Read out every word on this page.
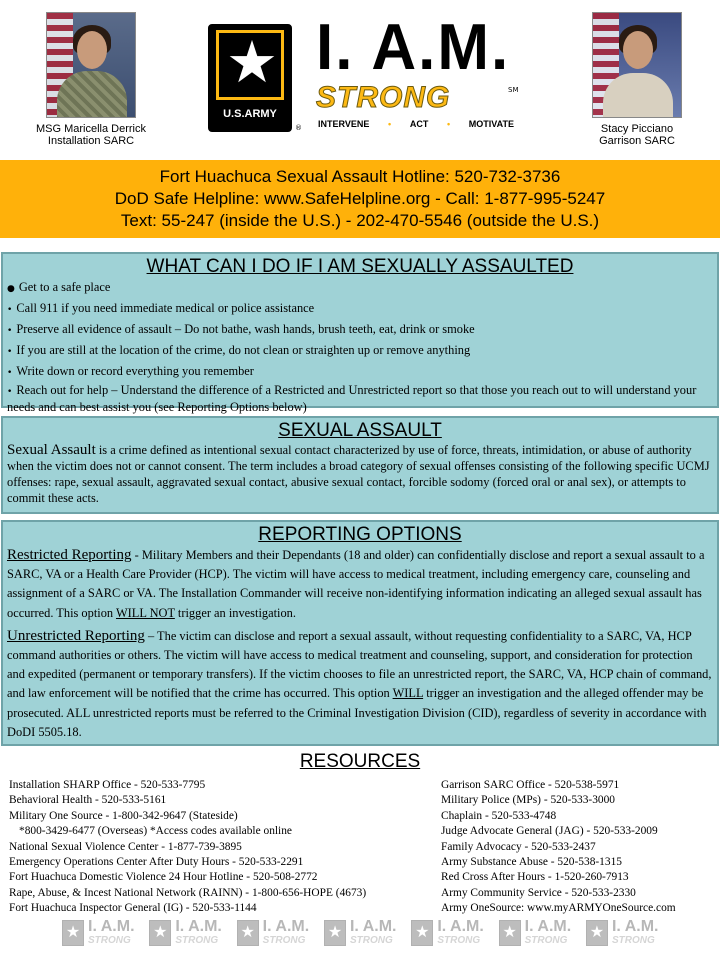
MSG Maricella Derrick
Installation SARC
★
U.S.ARMY
®
I. A.M.
STRONG	SM
INTERVENE • ACT • MOTIVATE	Stacy Picciano
Garrison SARC
Fort Huachuca Sexual Assault Hotline: 520-732-3736
DoD Safe Helpline: www.SafeHelpline.org - Call: 1-877-995-5247
Text: 55-247 (inside the U.S.) - 202-470-5546 (outside the U.S.)
WHAT CAN I DO IF I AM SEXUALLY ASSAULTED
● Get to a safe place
• Call 911 if you need immediate medical or police assistance
• Preserve all evidence of assault – Do not bathe, wash hands, brush teeth, eat, drink or smoke
• If you are still at the location of the crime, do not clean or straighten up or remove anything
• Write down or record everything you remember
• Reach out for help – Understand the difference of a Restricted and Unrestricted report so that those you reach out to will understand your needs and can best assist you (see Reporting Options below)
SEXUAL ASSAULT
Sexual Assault is a crime defined as intentional sexual contact characterized by use of force, threats, intimidation, or abuse of authority when the victim does not or cannot consent. The term includes a broad category of sexual offenses consisting of the following specific UCMJ offenses: rape, sexual assault, aggravated sexual contact, abusive sexual contact, forcible sodomy (forced oral or anal sex), or attempts to commit these acts.
REPORTING OPTIONS
Restricted Reporting - Military Members and their Dependants (18 and older) can confidentially disclose and report a sexual assault to a SARC, VA or a Health Care Provider (HCP). The victim will have access to medical treatment, including emergency care, counseling and assignment of a SARC or VA. The Installation Commander will receive non-identifying information indicating an alleged sexual assault has occurred. This option WILL NOT trigger an investigation.
Unrestricted Reporting – The victim can disclose and report a sexual assault, without requesting confidentiality to a SARC, VA, HCP command authorities or others. The victim will have access to medical treatment and counseling, support, and consideration for protection and expedited (permanent or temporary transfers). If the victim chooses to file an unrestricted report, the SARC, VA, HCP chain of command, and law enforcement will be notified that the crime has occurred. This option WILL trigger an investigation and the alleged offender may be prosecuted. ALL unrestricted reports must be referred to the Criminal Investigation Division (CID), regardless of severity in accordance with DoDI 5505.18.
RESOURCES
Installation SHARP Office - 520-533-7795
Behavioral Health - 520-533-5161
Military One Source - 1-800-342-9647 (Stateside)
*800-3429-6477 (Overseas) *Access codes available online
National Sexual Violence Center - 1-877-739-3895
Emergency Operations Center After Duty Hours - 520-533-2291
Fort Huachuca Domestic Violence 24 Hour Hotline - 520-508-2772
Rape, Abuse, & Incest National Network (RAINN) - 1-800-656-HOPE (4673)
Fort Huachuca Inspector General (IG) - 520-533-1144
Garrison SARC Office - 520-538-5971
Military Police (MPs) - 520-533-3000
Chaplain - 520-533-4748
Judge Advocate General (JAG) - 520-533-2009
Family Advocacy - 520-533-2437
Army Substance Abuse - 520-538-1315
Red Cross After Hours - 1-520-260-7913
Army Community Service - 520-533-2330
Army OneSource: www.myARMYOneSource.com
★ I. A.M.
STRONG ★ I. A.M.
STRONG ★ I. A.M.
STRONG ★ I. A.M.
STRONG ★ I. A.M.
STRONG ★ I. A.M.
STRONG ★ I. A.M.
STRONG
